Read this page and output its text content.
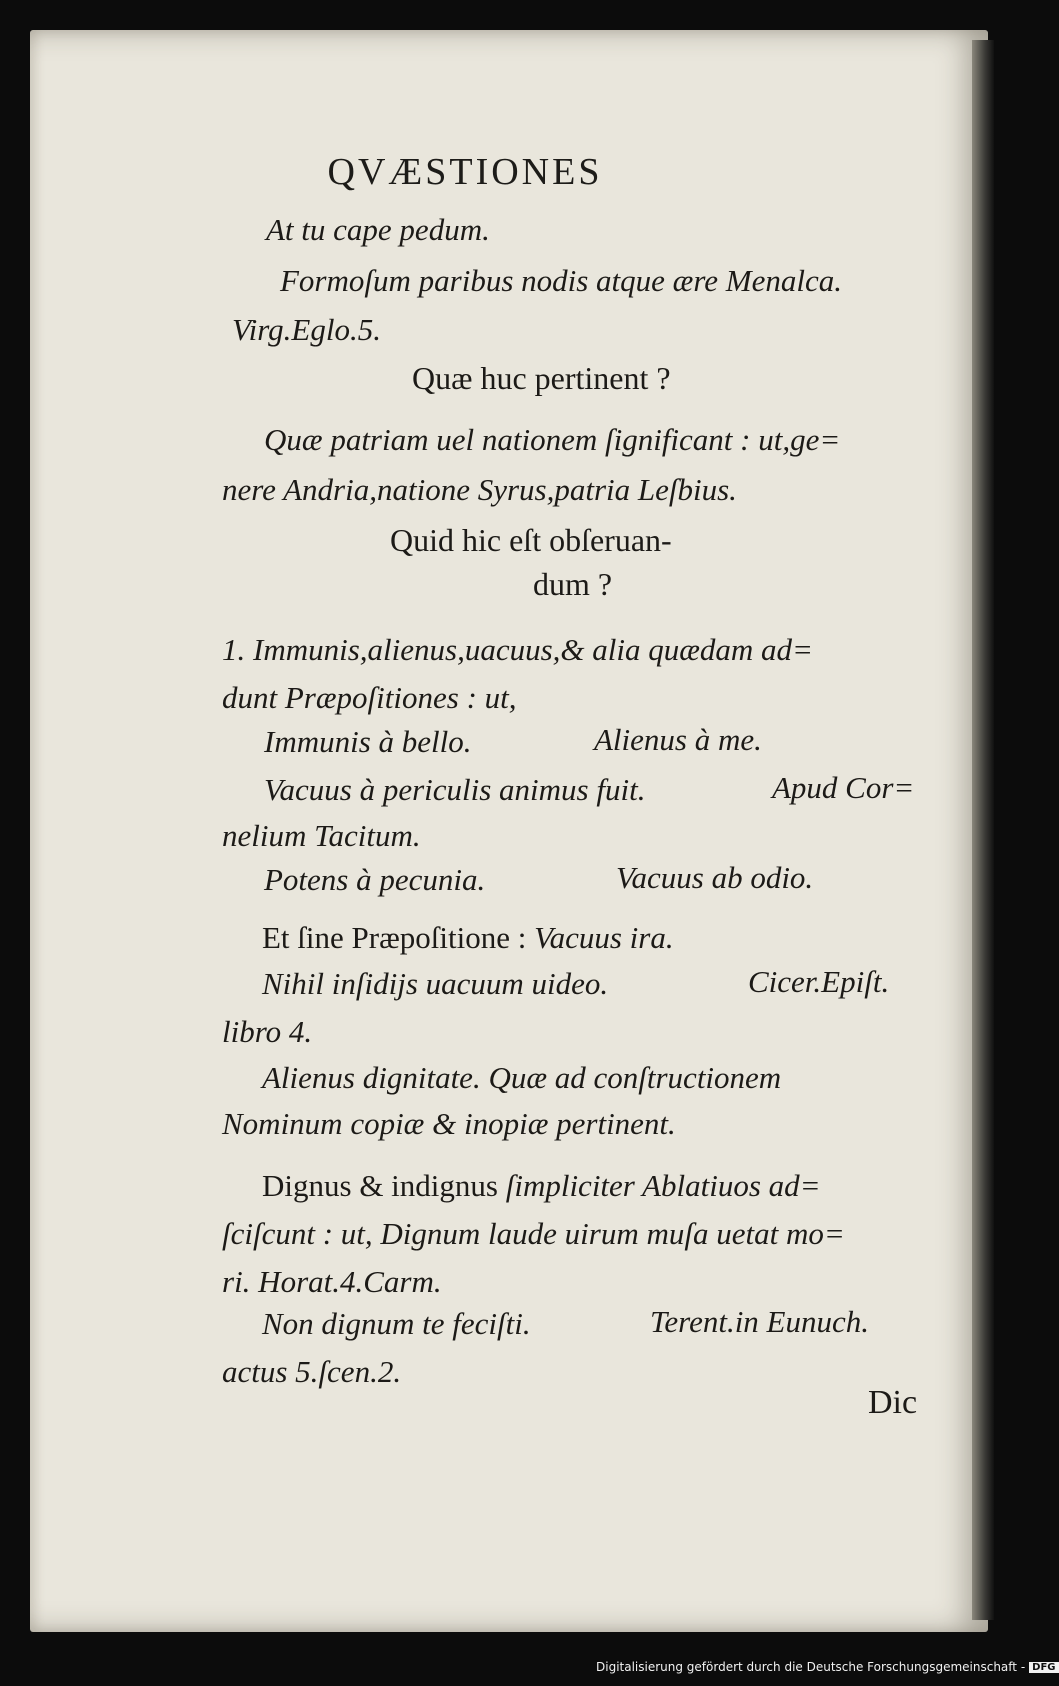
QVÆSTIONES
At tu cape pedum.
Formoſum paribus nodis atque ære Menalca.
Virg.Eglo.5.
Quæ huc pertinent ?
Quæ patriam uel nationem ſignificant : ut,ge=
nere Andria,natione Syrus,patria Leſbius.
Quid hic eſt obſeruan-
dum ?
1. Immunis,alienus,uacuus,& alia quædam ad=
dunt Præpoſitiones : ut,
Immunis à bello.	Alienus à me.
Vacuus à periculis animus fuit.	Apud Cor=
nelium Tacitum.
Potens à pecunia.	Vacuus ab odio.
Et ſine Præpoſitione : Vacuus ira.
Nihil inſidijs uacuum uideo.	Cicer.Epiſt.
libro 4.
Alienus dignitate. Quæ ad conſtructionem
Nominum copiæ & inopiæ pertinent.
Dignus & indignus ſimpliciter Ablatiuos ad=
ſciſcunt : ut, Dignum laude uirum muſa uetat mo=
ri. Horat.4.Carm.
Non dignum te feciſti.	Terent.in Eunuch.
actus 5.ſcen.2.
Dic
Digitalisierung gefördert durch die Deutsche Forschungsgemeinschaft - DFG
